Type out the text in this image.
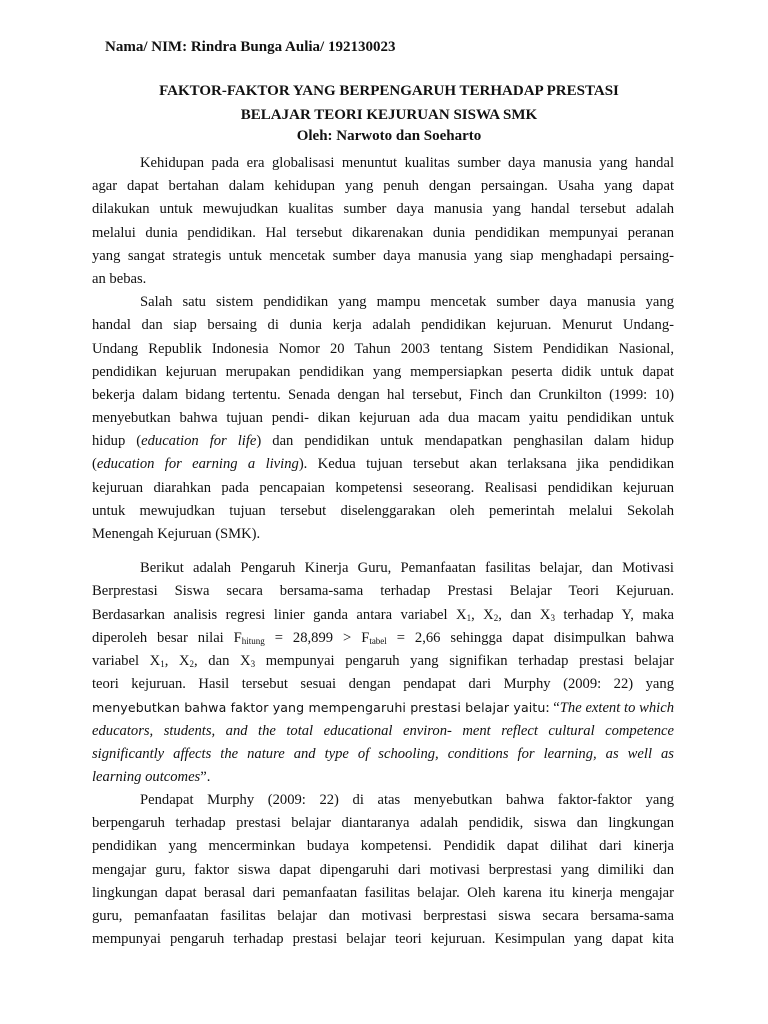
Nama/ NIM: Rindra Bunga Aulia/ 192130023
FAKTOR-FAKTOR YANG BERPENGARUH TERHADAP PRESTASI
BELAJAR TEORI KEJURUAN SISWA SMK
Oleh: Narwoto dan Soeharto
Kehidupan pada era globalisasi menuntut kualitas sumber daya manusia yang handal
agar dapat bertahan dalam kehidupan yang penuh dengan persaingan. Usaha yang dapat
dilakukan untuk mewujudkan kualitas sumber daya manusia yang handal tersebut adalah
melalui dunia pendidikan. Hal tersebut dikarenakan dunia pendidikan mempunyai peranan
yang sangat strategis untuk mencetak sumber daya manusia yang siap menghadapi persaing-
an bebas.
Salah satu sistem pendidikan yang mampu mencetak sumber daya manusia yang
handal dan siap bersaing di dunia kerja adalah pendidikan kejuruan. Menurut Undang-
Undang Republik Indonesia Nomor 20 Tahun 2003 tentang Sistem Pendidikan Nasional,
pendidikan kejuruan merupakan pendidikan yang mempersiapkan peserta didik untuk dapat
bekerja dalam bidang tertentu. Senada dengan hal tersebut, Finch dan Crunkilton (1999: 10)
menyebutkan bahwa tujuan pendi- dikan kejuruan ada dua macam yaitu pendidikan untuk
hidup (education for life) dan pendidikan untuk mendapatkan penghasilan dalam hidup
(education for earning a living). Kedua tujuan tersebut akan terlaksana jika pendidikan
kejuruan diarahkan pada pencapaian kompetensi seseorang. Realisasi pendidikan kejuruan
untuk mewujudkan tujuan tersebut diselenggarakan oleh pemerintah melalui Sekolah
Menengah Kejuruan (SMK).
Berikut adalah Pengaruh Kinerja Guru, Pemanfaatan fasilitas belajar, dan Motivasi
Berprestasi Siswa secara bersama-sama terhadap Prestasi Belajar Teori Kejuruan.
Berdasarkan analisis regresi linier ganda antara variabel $X_1$, $X_2$, dan $X_3$ terhadap Y, maka
diperoleh besar nilai $F_{hitung} = 28,899 > F_{tabel} = 2,66$ sehingga dapat disimpulkan bahwa
variabel $X_1$, $X_2$, dan $X_3$ mempunyai pengaruh yang signifikan terhadap prestasi belajar
teori kejuruan. Hasil tersebut sesuai dengan pendapat dari Murphy (2009: 22) yang
menyebutkan bahwa faktor yang mempengaruhi prestasi belajar yaitu: “The extent to which
educators, students, and the total educational environ- ment reflect cultural competence
significantly affects the nature and type of schooling, conditions for learning, as well as
learning outcomes”.
Pendapat Murphy (2009: 22) di atas menyebutkan bahwa faktor-faktor yang
berpengaruh terhadap prestasi belajar diantaranya adalah pendidik, siswa dan lingkungan
pendidikan yang mencerminkan budaya kompetensi. Pendidik dapat dilihat dari kinerja
mengajar guru, faktor siswa dapat dipengaruhi dari motivasi berprestasi yang dimiliki dan
lingkungan dapat berasal dari pemanfaatan fasilitas belajar. Oleh karena itu kinerja mengajar
guru, pemanfaatan fasilitas belajar dan motivasi berprestasi siswa secara bersama-sama
mempunyai pengaruh terhadap prestasi belajar teori kejuruan. Kesimpulan yang dapat kita
